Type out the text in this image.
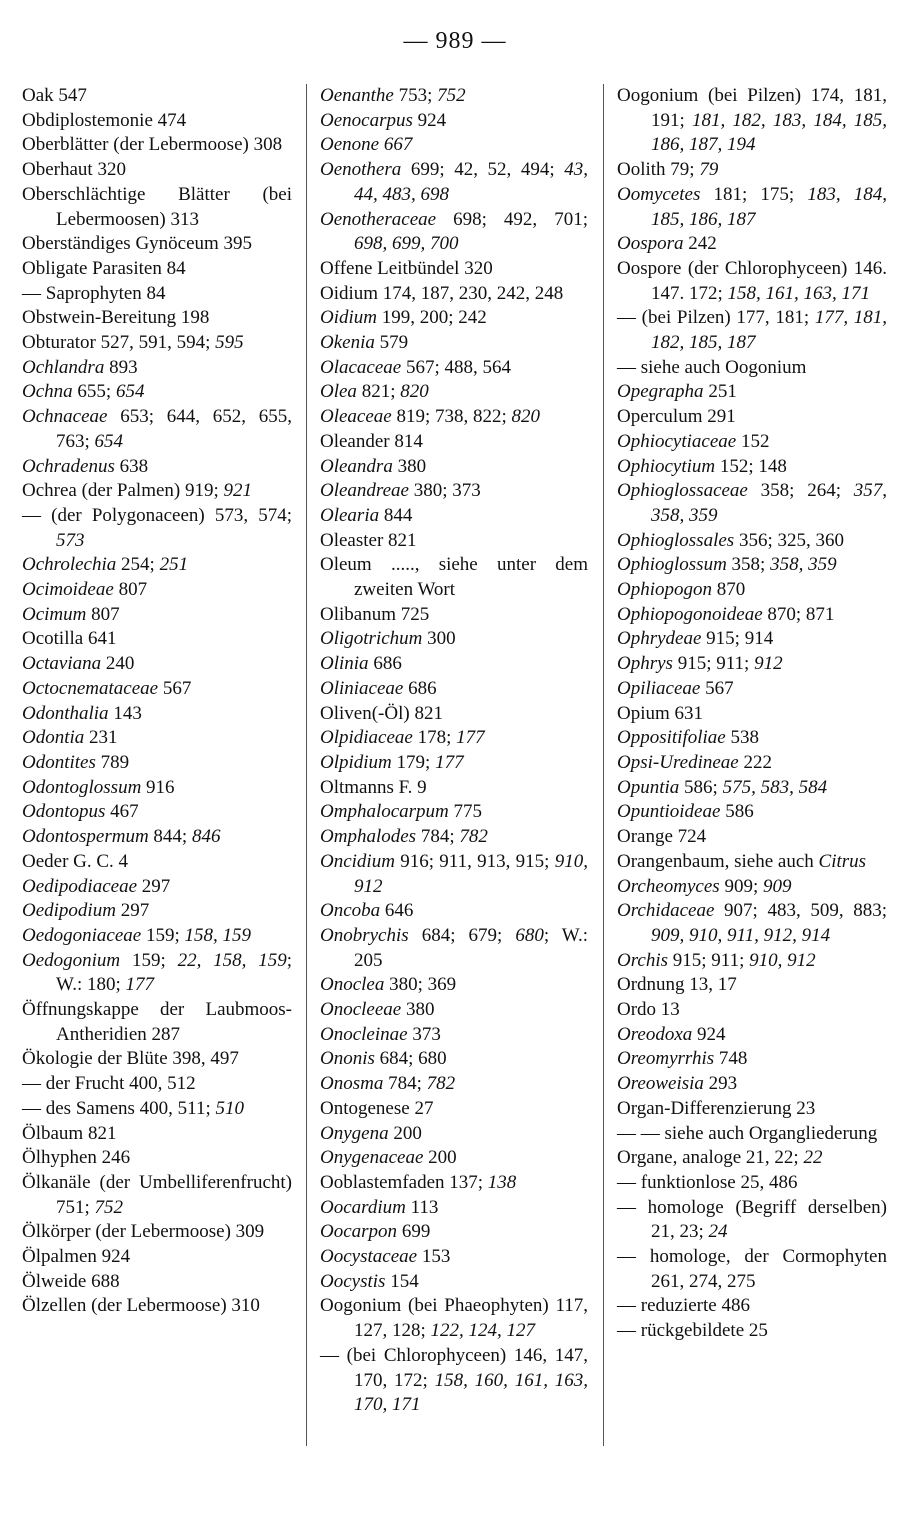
— 989 —
Oak 547
Obdiplostemonie 474
Oberblätter (der Lebermoose) 308
Oberhaut 320
Oberschlächtige Blätter (bei Lebermoosen) 313
Oberständiges Gynöceum 395
Obligate Parasiten 84
— Saprophyten 84
Obstwein-Bereitung 198
Obturator 527, 591, 594; 595
Ochlandra 893
Ochna 655; 654
Ochnaceae 653; 644, 652, 655, 763; 654
Ochradenus 638
Ochrea (der Palmen) 919; 921
— (der Polygonaceen) 573, 574; 573
Ochrolechia 254; 251
Ocimoideae 807
Ocimum 807
Ocotilla 641
Octaviana 240
Octocnemataceae 567
Odonthalia 143
Odontia 231
Odontites 789
Odontoglossum 916
Odontopus 467
Odontospermum 844; 846
Oeder G. C. 4
Oedipodiaceae 297
Oedipodium 297
Oedogoniaceae 159; 158, 159
Oedogonium 159; 22, 158, 159; W.: 180; 177
Öffnungskappe der Laubmoos-Antheridien 287
Ökologie der Blüte 398, 497
— der Frucht 400, 512
— des Samens 400, 511; 510
Ölbaum 821
Ölhyphen 246
Ölkanäle (der Umbelliferenfrucht) 751; 752
Ölkörper (der Lebermoose) 309
Ölpalmen 924
Ölweide 688
Ölzellen (der Lebermoose) 310
Oenanthe 753; 752
Oenocarpus 924
Oenone 667
Oenothera 699; 42, 52, 494; 43, 44, 483, 698
Oenotheraceae 698; 492, 701; 698, 699, 700
Offene Leitbündel 320
Oidium 174, 187, 230, 242, 248
Oidium 199, 200; 242
Okenia 579
Olacaceae 567; 488, 564
Olea 821; 820
Oleaceae 819; 738, 822; 820
Oleander 814
Oleandra 380
Oleandreae 380; 373
Olearia 844
Oleaster 821
Oleum ....., siehe unter dem zweiten Wort
Olibanum 725
Oligotrichum 300
Olinia 686
Oliniaceae 686
Oliven(-Öl) 821
Olpidiaceae 178; 177
Olpidium 179; 177
Oltmanns F. 9
Omphalocarpum 775
Omphalodes 784; 782
Oncidium 916; 911, 913, 915; 910, 912
Oncoba 646
Onobrychis 684; 679; 680; W.: 205
Onoclea 380; 369
Onocleeae 380
Onocleinae 373
Ononis 684; 680
Onosma 784; 782
Ontogenese 27
Onygena 200
Onygenaceae 200
Ooblastemfaden 137; 138
Oocardium 113
Oocarpon 699
Oocystaceae 153
Oocystis 154
Oogonium (bei Phaeophyten) 117, 127, 128; 122, 124, 127
— (bei Chlorophyceen) 146, 147, 170, 172; 158, 160, 161, 163, 170, 171
Oogonium (bei Pilzen) 174, 181, 191; 181, 182, 183, 184, 185, 186, 187, 194
Oolith 79; 79
Oomycetes 181; 175; 183, 184, 185, 186, 187
Oospora 242
Oospore (der Chlorophyceen) 146. 147. 172; 158, 161, 163, 171
— (bei Pilzen) 177, 181; 177, 181, 182, 185, 187
— siehe auch Oogonium
Opegrapha 251
Operculum 291
Ophiocytiaceae 152
Ophiocytium 152; 148
Ophioglossaceae 358; 264; 357, 358, 359
Ophioglossales 356; 325, 360
Ophioglossum 358; 358, 359
Ophiopogon 870
Ophiopogonoideae 870; 871
Ophrydeae 915; 914
Ophrys 915; 911; 912
Opiliaceae 567
Opium 631
Oppositifoliae 538
Opsi-Uredineae 222
Opuntia 586; 575, 583, 584
Opuntioideae 586
Orange 724
Orangenbaum, siehe auch Citrus
Orcheomyces 909; 909
Orchidaceae 907; 483, 509, 883; 909, 910, 911, 912, 914
Orchis 915; 911; 910, 912
Ordnung 13, 17
Ordo 13
Oreodoxa 924
Oreomyrrhis 748
Oreoweisia 293
Organ-Differenzierung 23
— — siehe auch Organgliederung
Organe, analoge 21, 22; 22
— funktionlose 25, 486
— homologe (Begriff derselben) 21, 23; 24
— homologe, der Cormophyten 261, 274, 275
— reduzierte 486
— rückgebildete 25
